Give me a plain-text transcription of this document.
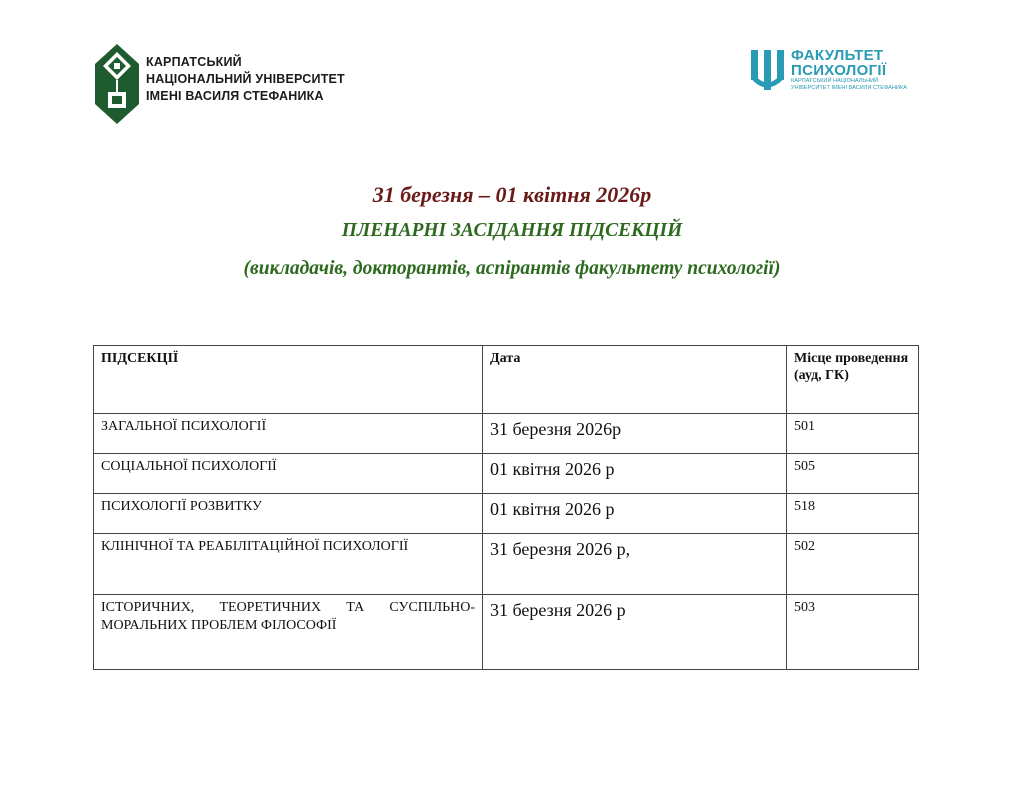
КАРПАТСЬКИЙ
НАЦІОНАЛЬНИЙ УНІВЕРСИТЕТ
ІМЕНІ ВАСИЛЯ СТЕФАНИКА
ФАКУЛЬТЕТ
ПСИХОЛОГІЇ
КАРПАТСЬКИЙ НАЦІОНАЛЬНИЙ
УНІВЕРСИТЕТ ІМЕНІ ВАСИЛЯ СТЕФАНИКА
31 березня – 01 квітня 2026р
ПЛЕНАРНІ ЗАСІДАННЯ ПІДСЕКЦІЙ
(викладачів, докторантів, аспірантів факультету психології)
ПІДСЕКЦІЇ	Дата	Місце проведення (ауд, ГК)
ЗАГАЛЬНОЇ ПСИХОЛОГІЇ	31 березня 2026р	501
СОЦІАЛЬНОЇ ПСИХОЛОГІЇ	01 квітня 2026 р	505
ПСИХОЛОГІЇ РОЗВИТКУ	01 квітня 2026 р	518
КЛІНІЧНОЇ ТА РЕАБІЛІТАЦІЙНОЇ ПСИХОЛОГІЇ	31 березня 2026 р,	502
ІСТОРИЧНИХ, ТЕОРЕТИЧНИХ ТА СУСПІЛЬНО-МОРАЛЬНИХ ПРОБЛЕМ ФІЛОСОФІЇ	31 березня 2026 р	503
